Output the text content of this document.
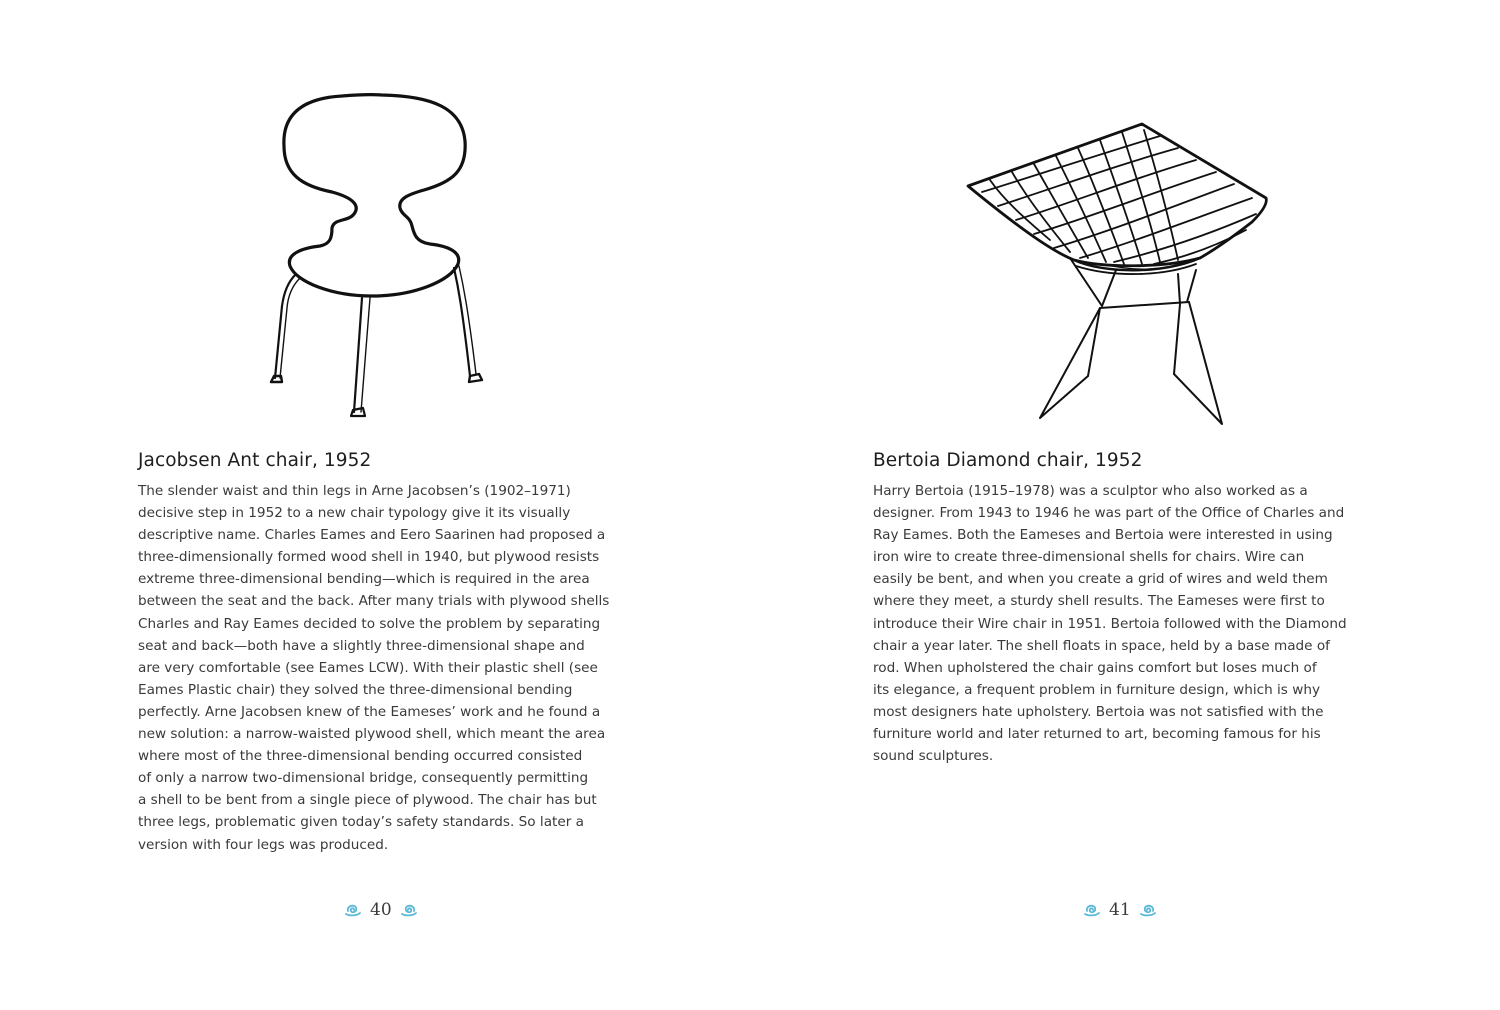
Jacobsen Ant chair, 1952
The slender waist and thin legs in Arne Jacobsen’s (1902–1971)
decisive step in 1952 to a new chair typology give it its visually
descriptive name. Charles Eames and Eero Saarinen had proposed a
three-dimensionally formed wood shell in 1940, but plywood resists
extreme three-dimensional bending—which is required in the area
between the seat and the back. After many trials with plywood shells
Charles and Ray Eames decided to solve the problem by separating
seat and back—both have a slightly three-dimensional shape and
are very comfortable (see Eames LCW). With their plastic shell (see
Eames Plastic chair) they solved the three-dimensional bending
perfectly. Arne Jacobsen knew of the Eameses’ work and he found a
new solution: a narrow-waisted plywood shell, which meant the area
where most of the three-dimensional bending occurred consisted
of only a narrow two-dimensional bridge, consequently permitting
a shell to be bent from a single piece of plywood. The chair has but
three legs, problematic given today’s safety standards. So later a
version with four legs was produced.
40
Bertoia Diamond chair, 1952
Harry Bertoia (1915–1978) was a sculptor who also worked as a
designer. From 1943 to 1946 he was part of the Office of Charles and
Ray Eames. Both the Eameses and Bertoia were interested in using
iron wire to create three-dimensional shells for chairs. Wire can
easily be bent, and when you create a grid of wires and weld them
where they meet, a sturdy shell results. The Eameses were first to
introduce their Wire chair in 1951. Bertoia followed with the Diamond
chair a year later. The shell floats in space, held by a base made of
rod. When upholstered the chair gains comfort but loses much of
its elegance, a frequent problem in furniture design, which is why
most designers hate upholstery. Bertoia was not satisfied with the
furniture world and later returned to art, becoming famous for his
sound sculptures.
41
